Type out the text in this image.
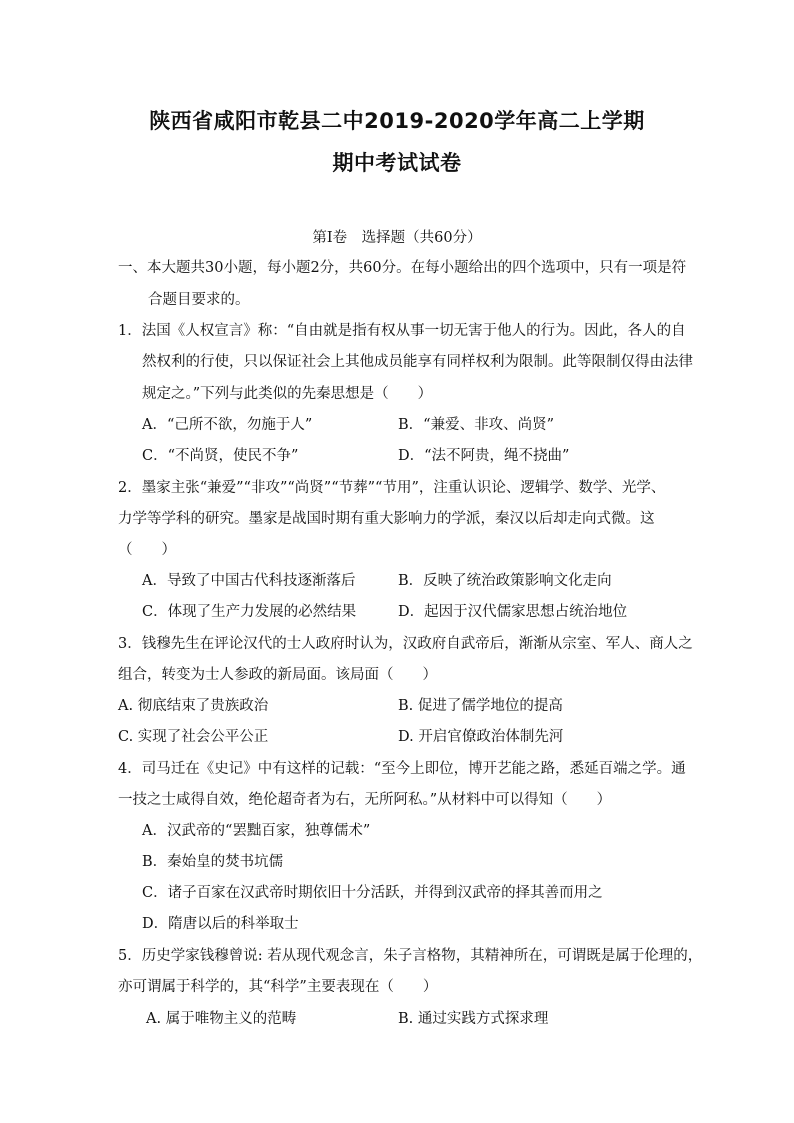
陕西省咸阳市乾县二中2019-2020学年高二上学期
期中考试试卷
第Ⅰ卷　选择题（共60分）
一、本大题共30小题，每小题2分，共60分。在每小题给出的四个选项中，只有一项是符
合题目要求的。
1．法国《人权宣言》称：“自由就是指有权从事一切无害于他人的行为。因此，各人的自
然权利的行使，只以保证社会上其他成员能享有同样权利为限制。此等限制仅得由法律
规定之。”下列与此类似的先秦思想是（　　）
A．“己所不欲，勿施于人”	B．“兼爱、非攻、尚贤”
C．“不尚贤，使民不争”	D．“法不阿贵，绳不挠曲”
2．墨家主张“兼爱”“非攻”“尚贤”“节葬”“节用”，注重认识论、逻辑学、数学、光学、
力学等学科的研究。墨家是战国时期有重大影响力的学派，秦汉以后却走向式微。这
（　　）
A．导致了中国古代科技逐渐落后	B．反映了统治政策影响文化走向
C．体现了生产力发展的必然结果	D．起因于汉代儒家思想占统治地位
3．钱穆先生在评论汉代的士人政府时认为，汉政府自武帝后，渐渐从宗室、军人、商人之
组合，转变为士人参政的新局面。该局面（　　）
A. 彻底结束了贵族政治	B. 促进了儒学地位的提高
C. 实现了社会公平公正	D. 开启官僚政治体制先河
4．司马迁在《史记》中有这样的记载：“至今上即位，博开艺能之路，悉延百端之学。通
一技之士咸得自效，绝伦超奇者为右，无所阿私。”从材料中可以得知（　　）
A．汉武帝的“罢黜百家，独尊儒术”
B．秦始皇的焚书坑儒
C．诸子百家在汉武帝时期依旧十分活跃，并得到汉武帝的择其善而用之
D．隋唐以后的科举取士
5．历史学家钱穆曾说: 若从现代观念言，朱子言格物，其精神所在，可谓既是属于伦理的，
亦可谓属于科学的，其“科学”主要表现在（　　）
A. 属于唯物主义的范畴	B. 通过实践方式探求理
